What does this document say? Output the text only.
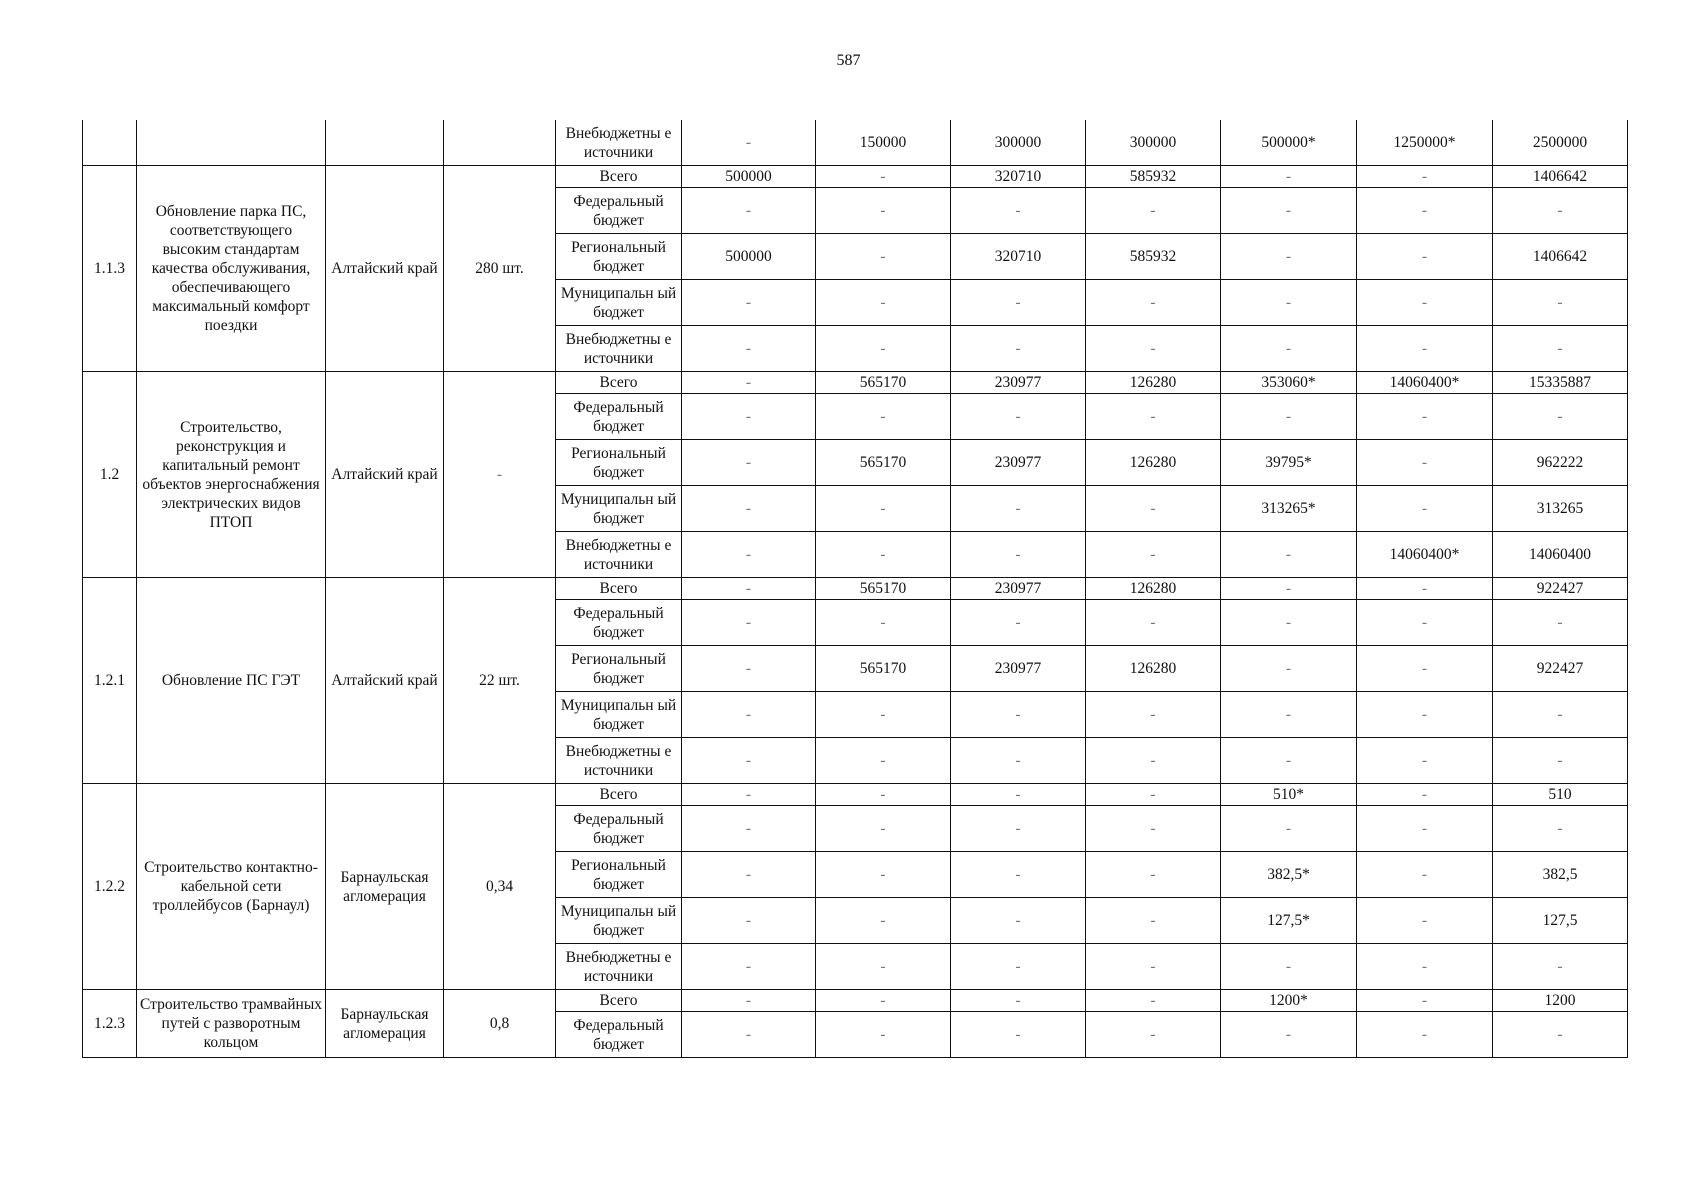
587
				Внебюджетны е источники	-	150000	300000	300000	500000*	1250000*	2500000
1.1.3	Обновление парка ПС, соответствующего высоким стандартам качества обслуживания, обеспечивающего максимальный комфорт поездки	Алтайский край	280 шт.	Всего	500000	-	320710	585932	-	-	1406642
				Федеральный бюджет	-	-	-	-	-	-	-
				Региональный бюджет	500000	-	320710	585932	-	-	1406642
				Муниципальн ый бюджет	-	-	-	-	-	-	-
				Внебюджетны е источники	-	-	-	-	-	-	-
1.2	Строительство, реконструкция и капитальный ремонт объектов энергоснабжения электрических видов ПТОП	Алтайский край	-	Всего	-	565170	230977	126280	353060*	14060400*	15335887
				Федеральный бюджет	-	-	-	-	-	-	-
				Региональный бюджет	-	565170	230977	126280	39795*	-	962222
				Муниципальн ый бюджет	-	-	-	-	313265*	-	313265
				Внебюджетны е источники	-	-	-	-	-	14060400*	14060400
1.2.1	Обновление ПС ГЭТ	Алтайский край	22 шт.	Всего	-	565170	230977	126280	-	-	922427
				Федеральный бюджет	-	-	-	-	-	-	-
				Региональный бюджет	-	565170	230977	126280	-	-	922427
				Муниципальн ый бюджет	-	-	-	-	-	-	-
				Внебюджетны е источники	-	-	-	-	-	-	-
1.2.2	Строительство контактно-кабельной сети троллейбусов (Барнаул)	Барнаульская агломерация	0,34	Всего	-	-	-	-	510*	-	510
				Федеральный бюджет	-	-	-	-	-	-	-
				Региональный бюджет	-	-	-	-	382,5*	-	382,5
				Муниципальн ый бюджет	-	-	-	-	127,5*	-	127,5
				Внебюджетны е источники	-	-	-	-	-	-	-
1.2.3	Строительство трамвайных путей с разворотным кольцом	Барнаульская агломерация	0,8	Всего	-	-	-	-	1200*	-	1200
				Федеральный бюджет	-	-	-	-	-	-	-
